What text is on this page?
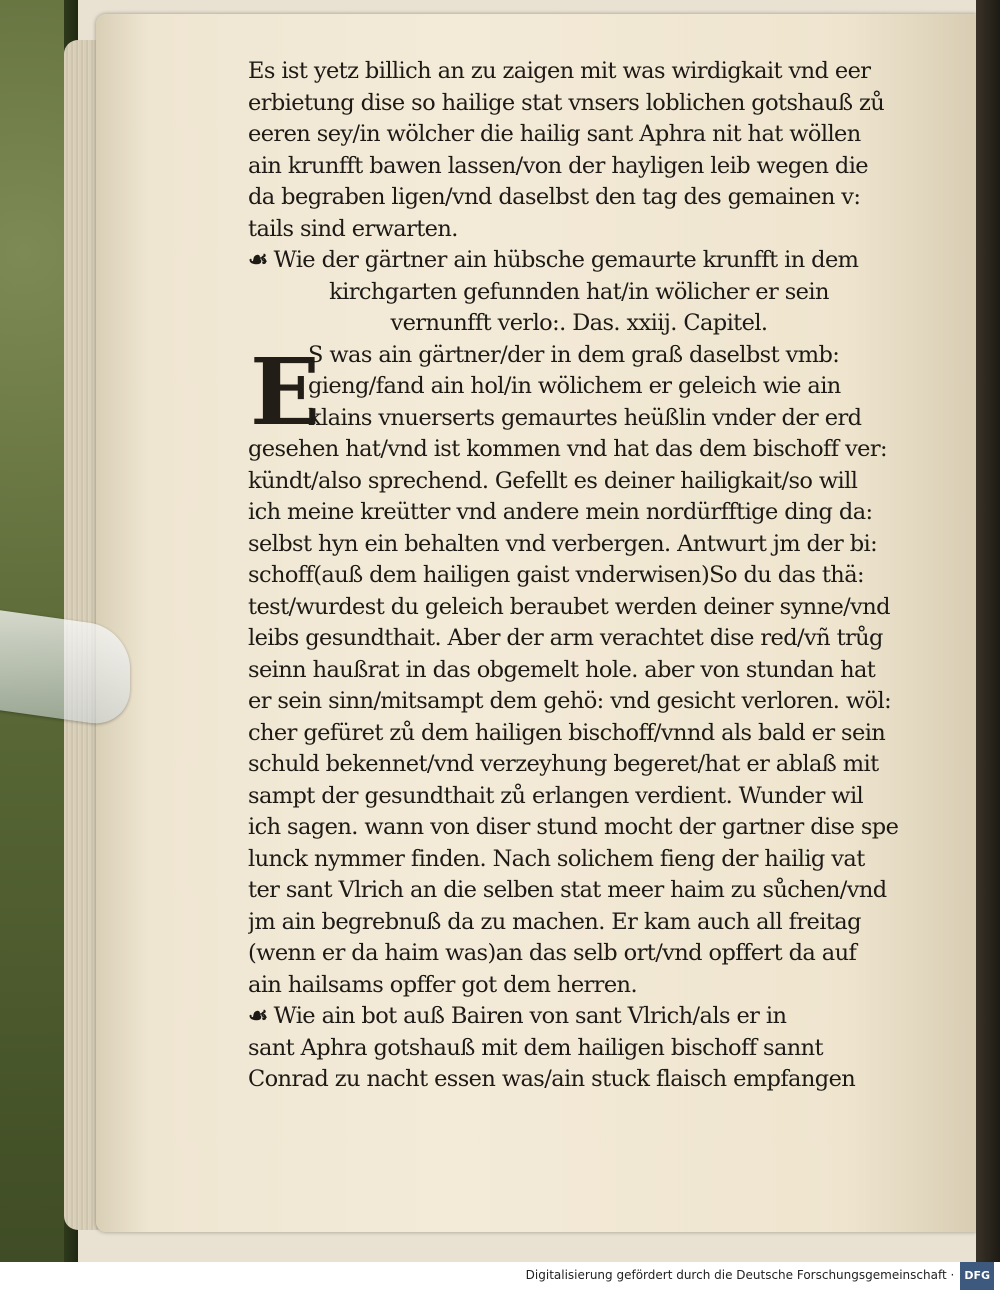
E
Es ist yetz billich an zu zaigen mit was wirdigkait vnd eer
erbietung dise so hailige stat vnsers loblichen gotshauß zů
eeren sey/in wölcher die hailig sant Aphra nit hat wöllen
ain krunfft bawen lassen/von der hayligen leib wegen die
da begraben ligen/vnd daselbst den tag des gemainen v:
tails sind erwarten.
☙ Wie der gärtner ain hübsche gemaurte krunfft in dem
kirchgarten gefunnden hat/in wölicher er sein
vernunfft verlo:. Das. xxiij. Capitel.
S was ain gärtner/der in dem graß daselbst vmb:
gieng/fand ain hol/in wölichem er geleich wie ain
klains vnuerserts gemaurtes heüßlin vnder der erd
gesehen hat/vnd ist kommen vnd hat das dem bischoff ver:
kündt/also sprechend. Gefellt es deiner hailigkait/so will
ich meine kreütter vnd andere mein nordürfftige ding da:
selbst hyn ein behalten vnd verbergen. Antwurt jm der bi:
schoff(auß dem hailigen gaist vnderwisen)So du das thä:
test/wurdest du geleich beraubet werden deiner synne/vnd
leibs gesundthait. Aber der arm verachtet dise red/vñ trůg
seinn haußrat in das obgemelt hole. aber von stundan hat
er sein sinn/mitsampt dem gehö: vnd gesicht verloren. wöl:
cher gefüret zů dem hailigen bischoff/vnnd als bald er sein
schuld bekennet/vnd verzeyhung begeret/hat er ablaß mit
sampt der gesundthait zů erlangen verdient. Wunder wil
ich sagen. wann von diser stund mocht der gartner dise spe
lunck nymmer finden. Nach solichem fieng der hailig vat
ter sant Vlrich an die selben stat meer haim zu sůchen/vnd
jm ain begrebnuß da zu machen. Er kam auch all freitag
(wenn er da haim was)an das selb ort/vnd opffert da auf
ain hailsams opffer got dem herren.
☙ Wie ain bot auß Bairen von sant Vlrich/als er in
sant Aphra gotshauß mit dem hailigen bischoff sannt
Conrad zu nacht essen was/ain stuck flaisch empfangen
Digitalisierung gefördert durch die Deutsche Forschungsgemeinschaft · DFG
